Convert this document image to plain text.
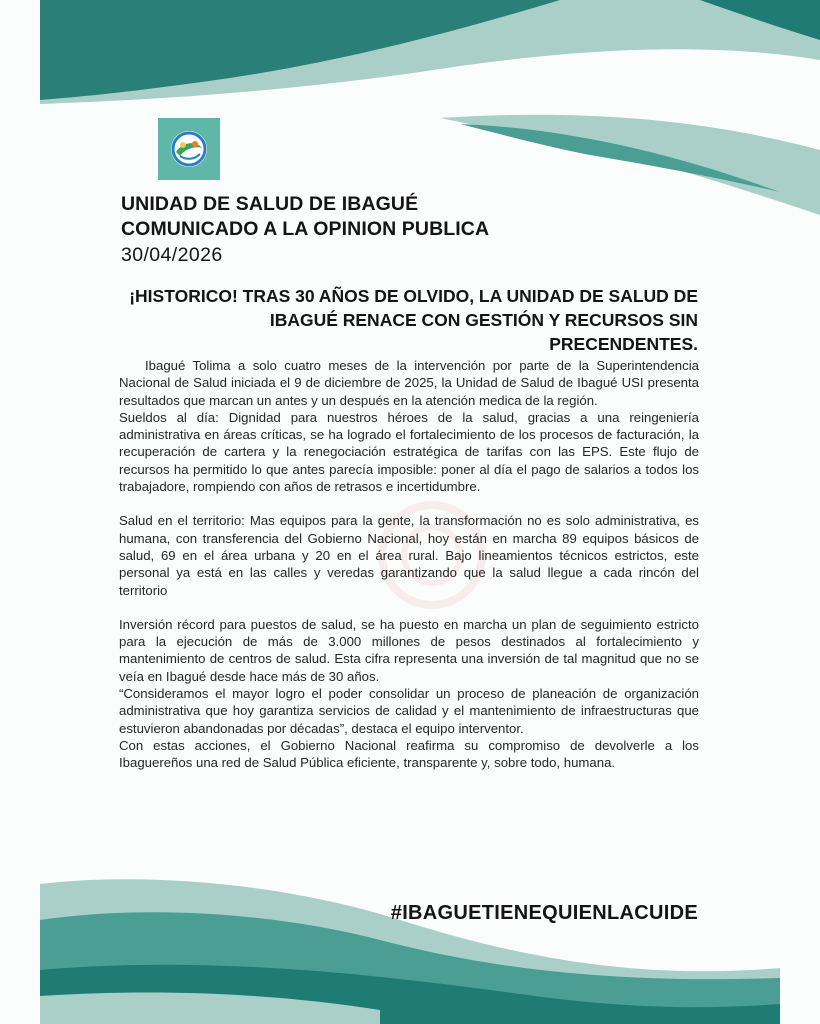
UNIDAD DE SALUD DE IBAGUÉ
COMUNICADO A LA OPINION PUBLICA
30/04/2026
¡HISTORICO! TRAS 30 AÑOS DE OLVIDO, LA UNIDAD DE SALUD DE IBAGUÉ RENACE CON GESTIÓN Y RECURSOS SIN PRECENDENTES.

Ibagué Tolima a solo cuatro meses de la intervención por parte de la Superintendencia Nacional de Salud iniciada el 9 de diciembre de 2025, la Unidad de Salud de Ibagué USI presenta resultados que marcan un antes y un después en la atención medica de la región.

Sueldos al día: Dignidad para nuestros héroes de la salud, gracias a una reingeniería administrativa en áreas críticas, se ha logrado el fortalecimiento de los procesos de facturación, la recuperación de cartera y la renegociación estratégica de tarifas con las EPS. Este flujo de recursos ha permitido lo que antes parecía imposible: poner al día el pago de salarios a todos los trabajadore, rompiendo con años de retrasos e incertidumbre.

Salud en el territorio: Mas equipos para la gente, la transformación no es solo administrativa, es humana, con transferencia del Gobierno Nacional, hoy están en marcha 89 equipos básicos de salud, 69 en el área urbana y 20 en el área rural. Bajo lineamientos técnicos estrictos, este personal ya está en las calles y veredas garantizando que la salud llegue a cada rincón del territorio

Inversión récord para puestos de salud, se ha puesto en marcha un plan de seguimiento estricto para la ejecución de más de 3.000 millones de pesos destinados al fortalecimiento y mantenimiento de centros de salud. Esta cifra representa una inversión de tal magnitud que no se veía en Ibagué desde hace más de 30 años.

“Consideramos el mayor logro el poder consolidar un proceso de planeación de organización administrativa que hoy garantiza servicios de calidad y el mantenimiento de infraestructuras que estuvieron abandonadas por décadas”, destaca el equipo interventor.

Con estas acciones, el Gobierno Nacional reafirma su compromiso de devolverle a los Ibaguereños una red de Salud Pública eficiente, transparente y, sobre todo, humana.

#IBAGUETIENEQUIENLACUIDE
